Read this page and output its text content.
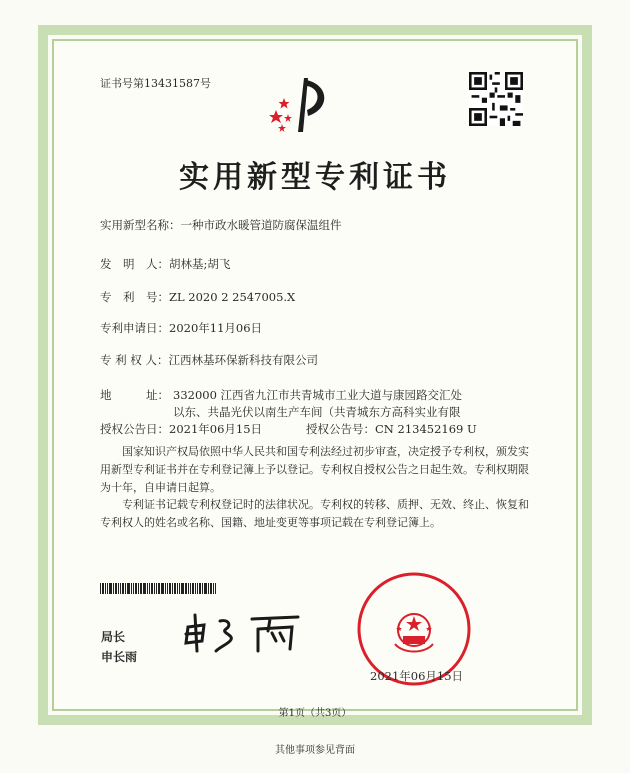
证书号第13431587号
实用新型专利证书
实用新型名称：一种市政水暖管道防腐保温组件
发　明　人：胡林基;胡飞
专　利　号：ZL 2020 2 2547005.X
专利申请日：2020年11月06日
专 利 权 人：江西林基环保新科技有限公司
地　　　址： 332000 江西省九江市共青城市工业大道与康园路交汇处
以东、共晶光伏以南生产车间（共青城东方高科实业有限
授权公告日：2021年06月15日	授权公告号：CN 213452169 U
　　国家知识产权局依照中华人民共和国专利法经过初步审查，决定授予专利权，颁发实用新型专利证书并在专利登记簿上予以登记。专利权自授权公告之日起生效。专利权期限为十年，自申请日起算。
　　专利证书记载专利权登记时的法律状况。专利权的转移、质押、无效、终止、恢复和专利权人的姓名或名称、国籍、地址变更等事项记载在专利登记簿上。
局长
申长雨
2021年06月15日
第1页（共3页）
其他事项参见背面
